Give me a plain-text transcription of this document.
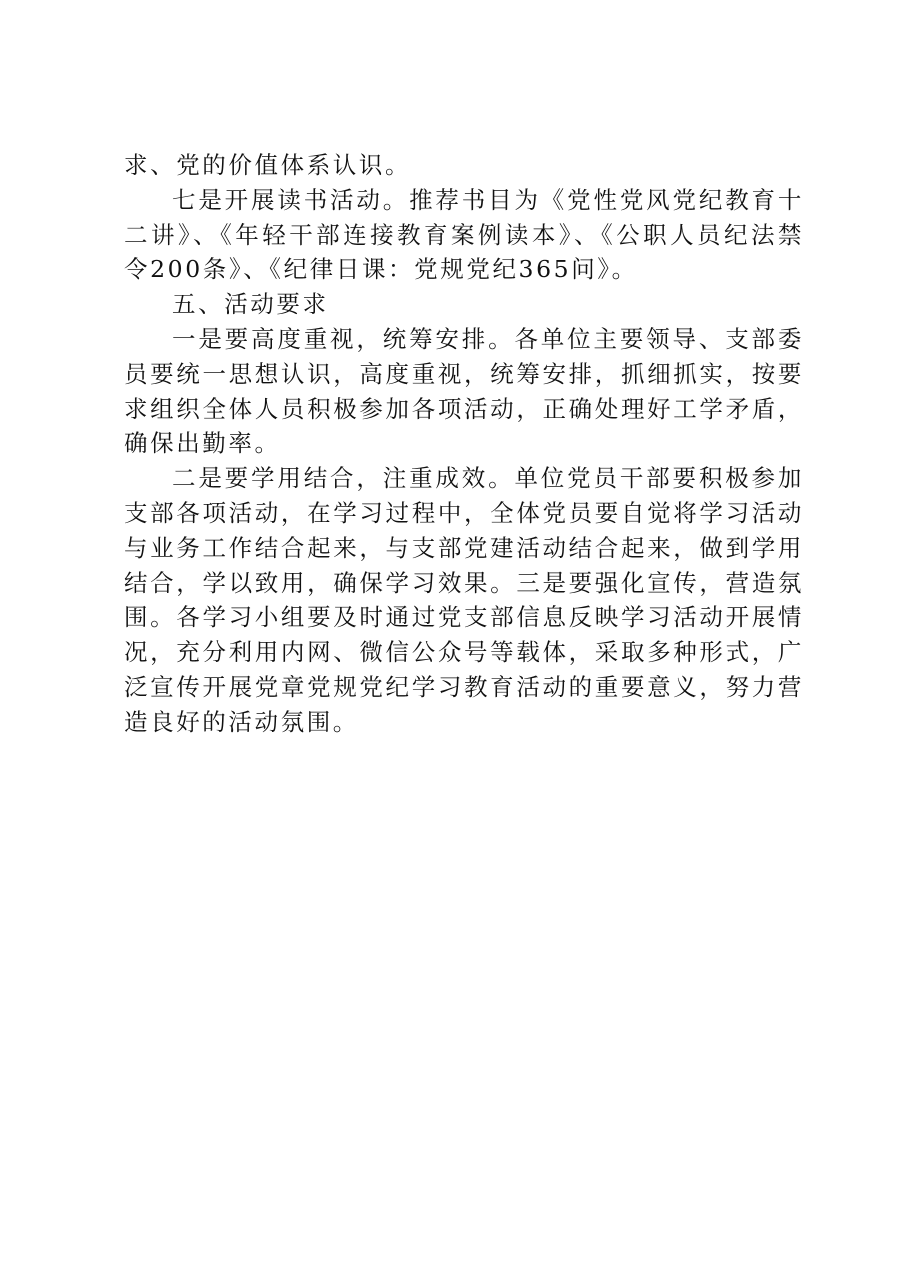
求、党的价值体系认识。

七是开展读书活动。推荐书目为《党性党风党纪教育十二讲》、《年轻干部连接教育案例读本》、《公职人员纪法禁令200条》、《纪律日课：党规党纪365问》。

五、活动要求

一是要高度重视，统筹安排。各单位主要领导、支部委员要统一思想认识，高度重视，统筹安排，抓细抓实，按要求组织全体人员积极参加各项活动，正确处理好工学矛盾，确保出勤率。

二是要学用结合，注重成效。单位党员干部要积极参加支部各项活动，在学习过程中，全体党员要自觉将学习活动与业务工作结合起来，与支部党建活动结合起来，做到学用结合，学以致用，确保学习效果。三是要强化宣传，营造氛围。各学习小组要及时通过党支部信息反映学习活动开展情况，充分利用内网、微信公众号等载体，采取多种形式，广泛宣传开展党章党规党纪学习教育活动的重要意义，努力营造良好的活动氛围。
